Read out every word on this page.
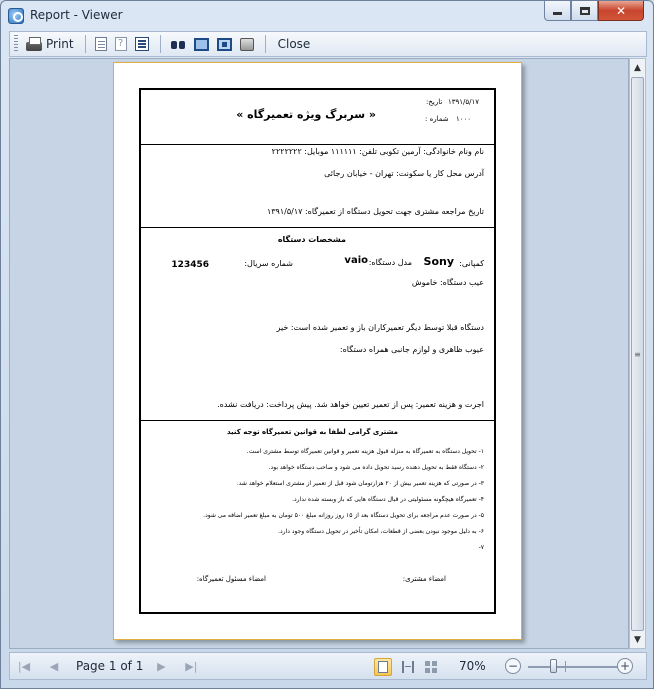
Report - Viewer	✕
Print	?	Close
تاریخ: ۱۳۹۱/۵/۱۷
شماره : ۱۰۰۰
« سربرگ ویژه تعمیرگاه »
نام ونام خانوادگی: آرمین تکوبی تلفن: ۱۱۱۱۱۱ موبایل: ۲۲۲۲۲۲۲
آدرس محل کار یا سکونت: تهران - خیابان رجائی
تاریخ مراجعه مشتری جهت تحویل دستگاه از تعمیرگاه: ۱۳۹۱/۵/۱۷
مشخصات دستگاه
کمپانی:
Sony
مدل دستگاه:
vaio
شماره سریال:
123456
عیب دستگاه: خاموش
دستگاه قبلا توسط دیگر تعمیرکاران باز و تعمیر شده است: خیر
عیوب ظاهری و لوازم جانبی همراه دستگاه:
اجرت و هزینه تعمیر: پس از تعمیر تعیین خواهد شد. پیش پرداخت: دریافت نشده.
مشتری گرامی لطفا به قوانین تعمیرگاه توجه کنید
۱- تحویل دستگاه به تعمیرگاه به منزله قبول هزینه تعمیر و قوانین تعمیرگاه توسط مشتری است.
۲- دستگاه فقط به تحویل دهنده رسید تحویل داده می شود و صاحب دستگاه خواهد بود.
۳- در صورتی که هزینه تعمیر بیش از ۲۰ هزارتومان شود قبل از تعمیر از مشتری استعلام خواهد شد.
۴- تعمیرگاه هیچگونه مسئولیتی در قبال دستگاه هایی که باز وبسته شده ندارد.
۵- در صورت عدم مراجعه برای تحویل دستگاه بعد از ۱۵ روز روزانه مبلغ ۵۰۰ تومان به مبلغ تعمیر اضافه می شود.
۶- به دلیل موجود نبودن بعضی از قطعات، امکان تأخیر در تحویل دستگاه وجود دارد.
۷-
امضاء مشتری:
امضاء مسئول تعمیرگاه:
▲
≡
▼
|◀	◀	Page 1 of 1	▶	▶|	70% −	+
